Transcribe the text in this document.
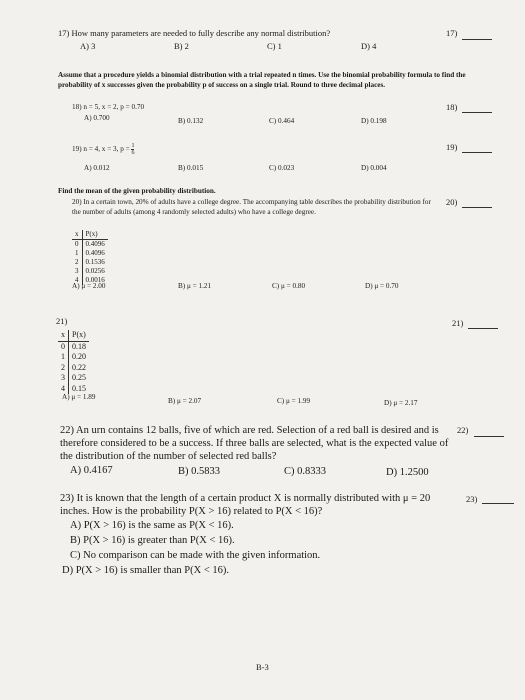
17) How many parameters are needed to fully describe any normal distribution?	17)
A) 3	B) 2	C) 1	D) 4
Assume that a procedure yields a binomial distribution with a trial repeated n times. Use the binomial probability formula to find the probability of x successes given the probability p of success on a single trial. Round to three decimal places.
18) n = 5, x = 2, p = 0.70	18)
A) 0.700	B) 0.132	C) 0.464	D) 0.198
19) n = 4, x = 3, $p = \frac{1}{6}$	19)
A) 0.012	B) 0.015	C) 0.023	D) 0.004
Find the mean of the given probability distribution.
20) In a certain town, 20% of adults have a college degree. The accompanying table describes the probability distribution for the number of adults (among 4 randomly selected adults) who have a college degree.
20)
x	P(x)
0	0.4096
1	0.4096
2	0.1536
3	0.0256
4	0.0016
A) μ = 2.00	B) μ = 1.21	C) μ = 0.80	D) μ = 0.70
21)	21)
x	P(x)
0	0.18
1	0.20
2	0.22
3	0.25
4	0.15
A) μ = 1.89	B) μ = 2.07	C) μ = 1.99	D) μ = 2.17
22) An urn contains 12 balls, five of which are red. Selection of a red ball is desired and is therefore considered to be a success. If three balls are selected, what is the expected value of the distribution of the number of selected red balls?
22)
A) 0.4167	B) 0.5833	C) 0.8333	D) 1.2500
23) It is known that the length of a certain product X is normally distributed with μ = 20 inches. How is the probability P(X > 16) related to P(X < 16)?
23)
A) P(X > 16) is the same as P(X < 16).
B) P(X > 16) is greater than P(X < 16).
C) No comparison can be made with the given information.
D) P(X > 16) is smaller than P(X < 16).
B-3
